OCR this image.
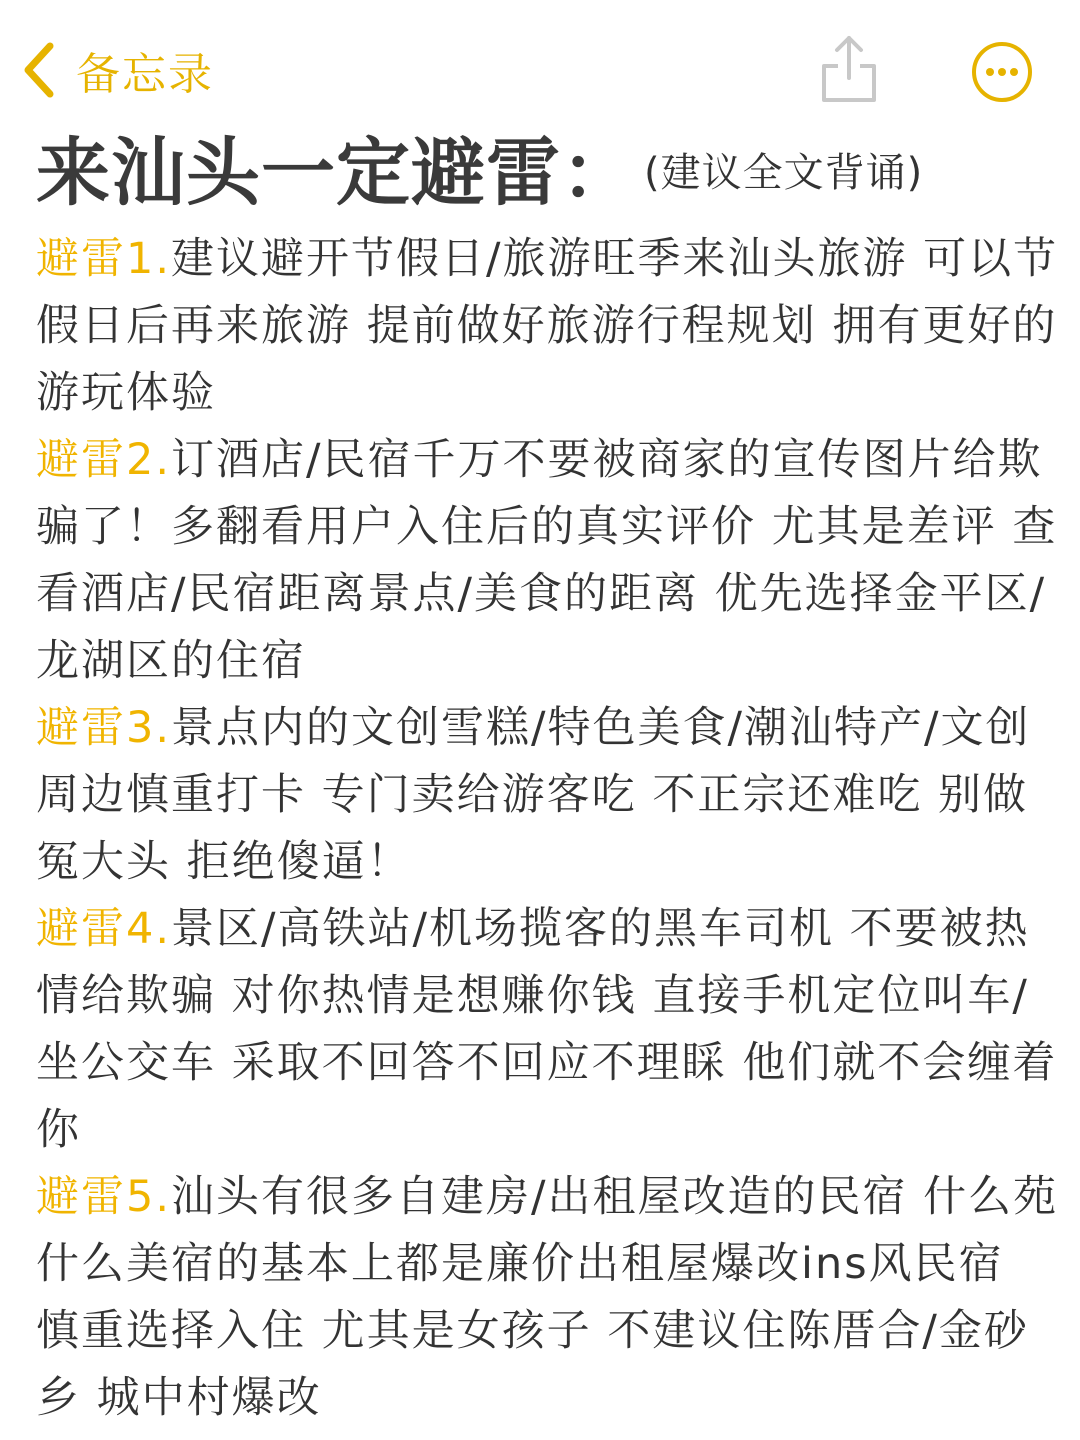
备忘录
来汕头一定避雷： (建议全文背诵)
避雷1.建议避开节假日/旅游旺季来汕头旅游 可以节假日后再来旅游 提前做好旅游行程规划 拥有更好的游玩体验
避雷2.订酒店/民宿千万不要被商家的宣传图片给欺骗了！多翻看用户入住后的真实评价 尤其是差评 查看酒店/民宿距离景点/美食的距离 优先选择金平区/龙湖区的住宿
避雷3.景点内的文创雪糕/特色美食/潮汕特产/文创周边慎重打卡 专门卖给游客吃 不正宗还难吃 别做冤大头 拒绝傻逼！
避雷4.景区/高铁站/机场揽客的黑车司机 不要被热情给欺骗 对你热情是想赚你钱 直接手机定位叫车/坐公交车 采取不回答不回应不理睬 他们就不会缠着你
避雷5.汕头有很多自建房/出租屋改造的民宿 什么苑什么美宿的基本上都是廉价出租屋爆改ins风民宿 慎重选择入住 尤其是女孩子 不建议住陈厝合/金砂乡 城中村爆改
